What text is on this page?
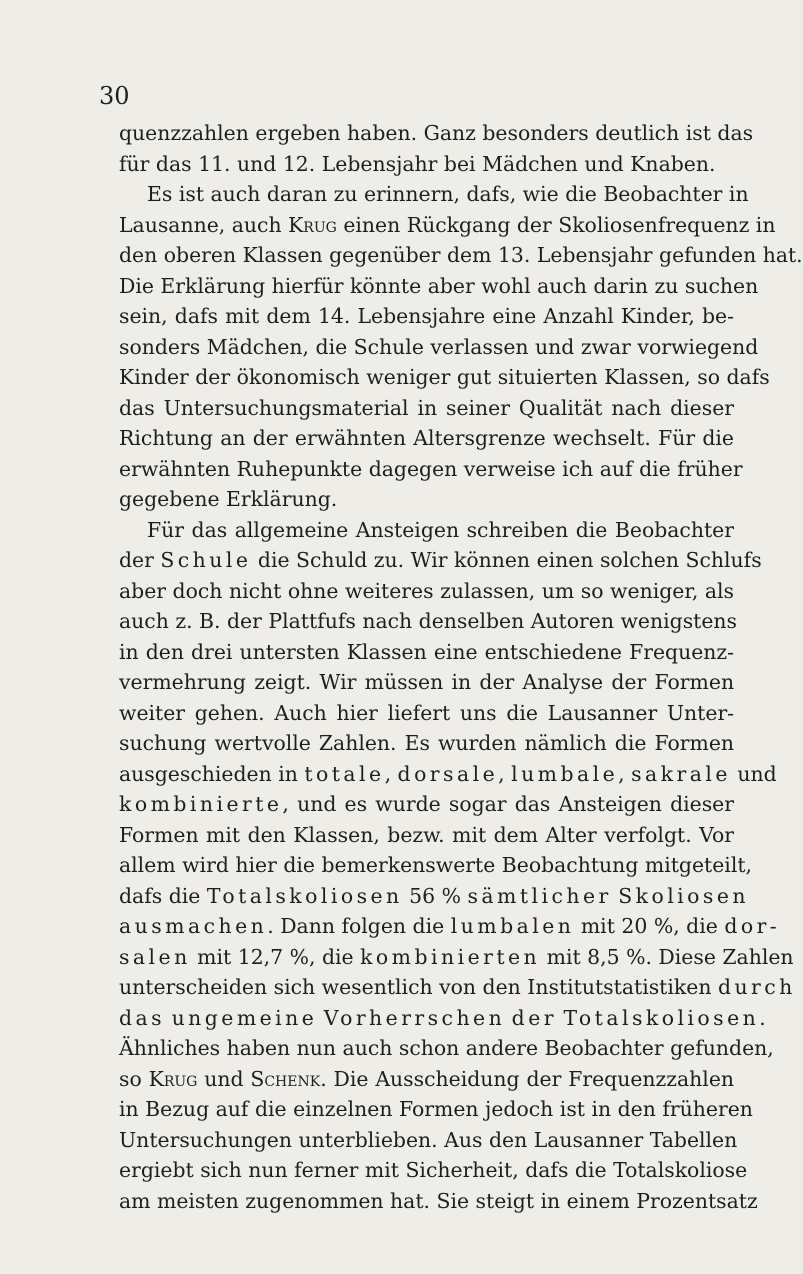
30
quenzzahlen ergeben haben. Ganz besonders deutlich ist das
für das 11. und 12. Lebensjahr bei Mädchen und Knaben.
Es ist auch daran zu erinnern, dafs, wie die Beobachter in
Lausanne, auch Krug einen Rückgang der Skoliosenfrequenz in
den oberen Klassen gegenüber dem 13. Lebensjahr gefunden hat.
Die Erklärung hierfür könnte aber wohl auch darin zu suchen
sein, dafs mit dem 14. Lebensjahre eine Anzahl Kinder, be-
sonders Mädchen, die Schule verlassen und zwar vorwiegend
Kinder der ökonomisch weniger gut situierten Klassen, so dafs
das Untersuchungsmaterial in seiner Qualität nach dieser
Richtung an der erwähnten Altersgrenze wechselt. Für die
erwähnten Ruhepunkte dagegen verweise ich auf die früher
gegebene Erklärung.
Für das allgemeine Ansteigen schreiben die Beobachter
der Schule die Schuld zu. Wir können einen solchen Schlufs
aber doch nicht ohne weiteres zulassen, um so weniger, als
auch z. B. der Plattfufs nach denselben Autoren wenigstens
in den drei untersten Klassen eine entschiedene Frequenz-
vermehrung zeigt. Wir müssen in der Analyse der Formen
weiter gehen. Auch hier liefert uns die Lausanner Unter-
suchung wertvolle Zahlen. Es wurden nämlich die Formen
ausgeschieden in totale, dorsale, lumbale, sakrale und
kombinierte, und es wurde sogar das Ansteigen dieser
Formen mit den Klassen, bezw. mit dem Alter verfolgt. Vor
allem wird hier die bemerkenswerte Beobachtung mitgeteilt,
dafs die Totalskoliosen 56 % sämtlicher Skoliosen
ausmachen. Dann folgen die lumbalen mit 20 %, die dor-
salen mit 12,7 %, die kombinierten mit 8,5 %. Diese Zahlen
unterscheiden sich wesentlich von den Institutstatistiken durch
das ungemeine Vorherrschen der Totalskoliosen.
Ähnliches haben nun auch schon andere Beobachter gefunden,
so Krug und Schenk. Die Ausscheidung der Frequenzzahlen
in Bezug auf die einzelnen Formen jedoch ist in den früheren
Untersuchungen unterblieben. Aus den Lausanner Tabellen
ergiebt sich nun ferner mit Sicherheit, dafs die Totalskoliose
am meisten zugenommen hat. Sie steigt in einem Prozentsatz
